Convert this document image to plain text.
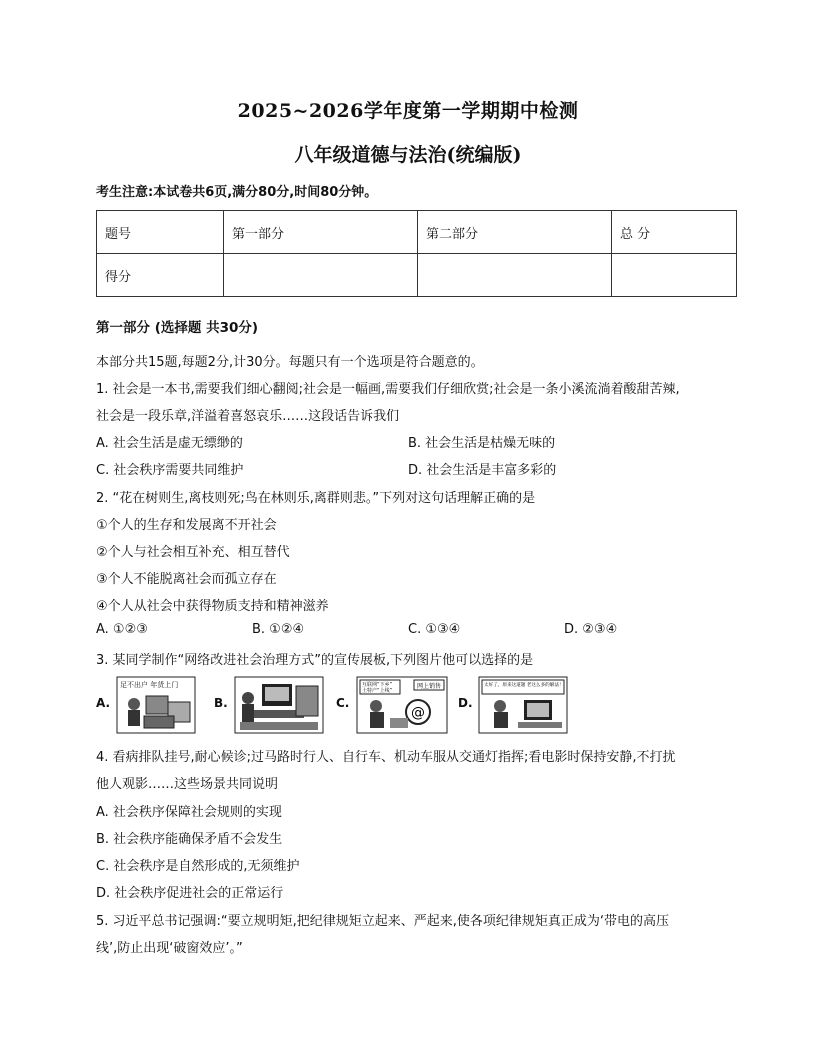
2025~2026学年度第一学期期中检测
八年级道德与法治(统编版)
考生注意:本试卷共6页,满分80分,时间80分钟。
题号	第一部分	第二部分	总 分
得分			
第一部分 (选择题 共30分)
本部分共15题,每题2分,计30分。每题只有一个选项是符合题意的。
1. 社会是一本书,需要我们细心翻阅;社会是一幅画,需要我们仔细欣赏;社会是一条小溪流淌着酸甜苦辣,
社会是一段乐章,洋溢着喜怒哀乐……这段话告诉我们
A. 社会生活是虚无缥缈的	B. 社会生活是枯燥无味的
C. 社会秩序需要共同维护	D. 社会生活是丰富多彩的
2. “花在树则生,离枝则死;鸟在林则乐,离群则悲。”下列对这句话理解正确的是
①个人的生存和发展离不开社会
②个人与社会相互补充、相互替代
③个人不能脱离社会而孤立存在
④个人从社会中获得物质支持和精神滋养
A. ①②③	B. ①②④	C. ①③④	D. ②③④
3. 某同学制作“网络改进社会治理方式”的宣传展板,下列图片他可以选择的是
A.
足不出户 年货上门
B.	C.
互联网“下乡”
土特产“上线”
网上销售
@
D.
太好了，原来这道题 老这么多的解法！
4. 看病排队挂号,耐心候诊;过马路时行人、自行车、机动车服从交通灯指挥;看电影时保持安静,不打扰
他人观影……这些场景共同说明
A. 社会秩序保障社会规则的实现
B. 社会秩序能确保矛盾不会发生
C. 社会秩序是自然形成的,无须维护
D. 社会秩序促进社会的正常运行
5. 习近平总书记强调:“要立规明矩,把纪律规矩立起来、严起来,使各项纪律规矩真正成为‘带电的高压
线’,防止出现‘破窗效应’。”
